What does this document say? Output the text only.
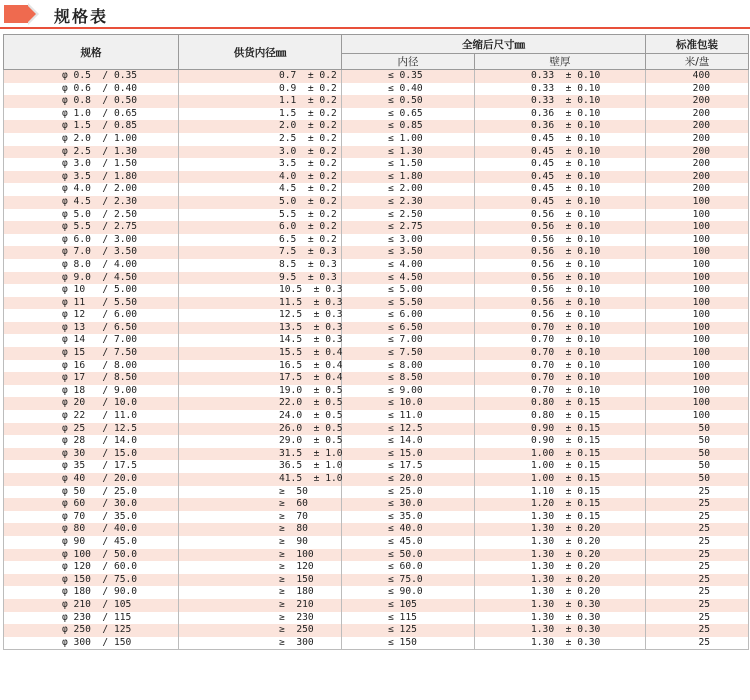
规格表
规格	供货内径㎜	全缩后尺寸㎜		标准包装
		内径	壁厚	米/盘
φ 0.5  / 0.35	0.7  ± 0.2	≤ 0.35	0.33  ± 0.10	400
φ 0.6  / 0.40	0.9  ± 0.2	≤ 0.40	0.33  ± 0.10	200
φ 0.8  / 0.50	1.1  ± 0.2	≤ 0.50	0.33  ± 0.10	200
φ 1.0  / 0.65	1.5  ± 0.2	≤ 0.65	0.36  ± 0.10	200
φ 1.5  / 0.85	2.0  ± 0.2	≤ 0.85	0.36  ± 0.10	200
φ 2.0  / 1.00	2.5  ± 0.2	≤ 1.00	0.45  ± 0.10	200
φ 2.5  / 1.30	3.0  ± 0.2	≤ 1.30	0.45  ± 0.10	200
φ 3.0  / 1.50	3.5  ± 0.2	≤ 1.50	0.45  ± 0.10	200
φ 3.5  / 1.80	4.0  ± 0.2	≤ 1.80	0.45  ± 0.10	200
φ 4.0  / 2.00	4.5  ± 0.2	≤ 2.00	0.45  ± 0.10	200
φ 4.5  / 2.30	5.0  ± 0.2	≤ 2.30	0.45  ± 0.10	100
φ 5.0  / 2.50	5.5  ± 0.2	≤ 2.50	0.56  ± 0.10	100
φ 5.5  / 2.75	6.0  ± 0.2	≤ 2.75	0.56  ± 0.10	100
φ 6.0  / 3.00	6.5  ± 0.2	≤ 3.00	0.56  ± 0.10	100
φ 7.0  / 3.50	7.5  ± 0.3	≤ 3.50	0.56  ± 0.10	100
φ 8.0  / 4.00	8.5  ± 0.3	≤ 4.00	0.56  ± 0.10	100
φ 9.0  / 4.50	9.5  ± 0.3	≤ 4.50	0.56  ± 0.10	100
φ 10   / 5.00	10.5  ± 0.3	≤ 5.00	0.56  ± 0.10	100
φ 11   / 5.50	11.5  ± 0.3	≤ 5.50	0.56  ± 0.10	100
φ 12   / 6.00	12.5  ± 0.3	≤ 6.00	0.56  ± 0.10	100
φ 13   / 6.50	13.5  ± 0.3	≤ 6.50	0.70  ± 0.10	100
φ 14   / 7.00	14.5  ± 0.3	≤ 7.00	0.70  ± 0.10	100
φ 15   / 7.50	15.5  ± 0.4	≤ 7.50	0.70  ± 0.10	100
φ 16   / 8.00	16.5  ± 0.4	≤ 8.00	0.70  ± 0.10	100
φ 17   / 8.50	17.5  ± 0.4	≤ 8.50	0.70  ± 0.10	100
φ 18   / 9.00	19.0  ± 0.5	≤ 9.00	0.70  ± 0.10	100
φ 20   / 10.0	22.0  ± 0.5	≤ 10.0	0.80  ± 0.15	100
φ 22   / 11.0	24.0  ± 0.5	≤ 11.0	0.80  ± 0.15	100
φ 25   / 12.5	26.0  ± 0.5	≤ 12.5	0.90  ± 0.15	50
φ 28   / 14.0	29.0  ± 0.5	≤ 14.0	0.90  ± 0.15	50
φ 30   / 15.0	31.5  ± 1.0	≤ 15.0	1.00  ± 0.15	50
φ 35   / 17.5	36.5  ± 1.0	≤ 17.5	1.00  ± 0.15	50
φ 40   / 20.0	41.5  ± 1.0	≤ 20.0	1.00  ± 0.15	50
φ 50   / 25.0	≥  50	≤ 25.0	1.10  ± 0.15	25
φ 60   / 30.0	≥  60	≤ 30.0	1.20  ± 0.15	25
φ 70   / 35.0	≥  70	≤ 35.0	1.30  ± 0.15	25
φ 80   / 40.0	≥  80	≤ 40.0	1.30  ± 0.20	25
φ 90   / 45.0	≥  90	≤ 45.0	1.30  ± 0.20	25
φ 100  / 50.0	≥  100	≤ 50.0	1.30  ± 0.20	25
φ 120  / 60.0	≥  120	≤ 60.0	1.30  ± 0.20	25
φ 150  / 75.0	≥  150	≤ 75.0	1.30  ± 0.20	25
φ 180  / 90.0	≥  180	≤ 90.0	1.30  ± 0.20	25
φ 210  / 105	≥  210	≤ 105	1.30  ± 0.30	25
φ 230  / 115	≥  230	≤ 115	1.30  ± 0.30	25
φ 250  / 125	≥  250	≤ 125	1.30  ± 0.30	25
φ 300  / 150	≥  300	≤ 150	1.30  ± 0.30	25
